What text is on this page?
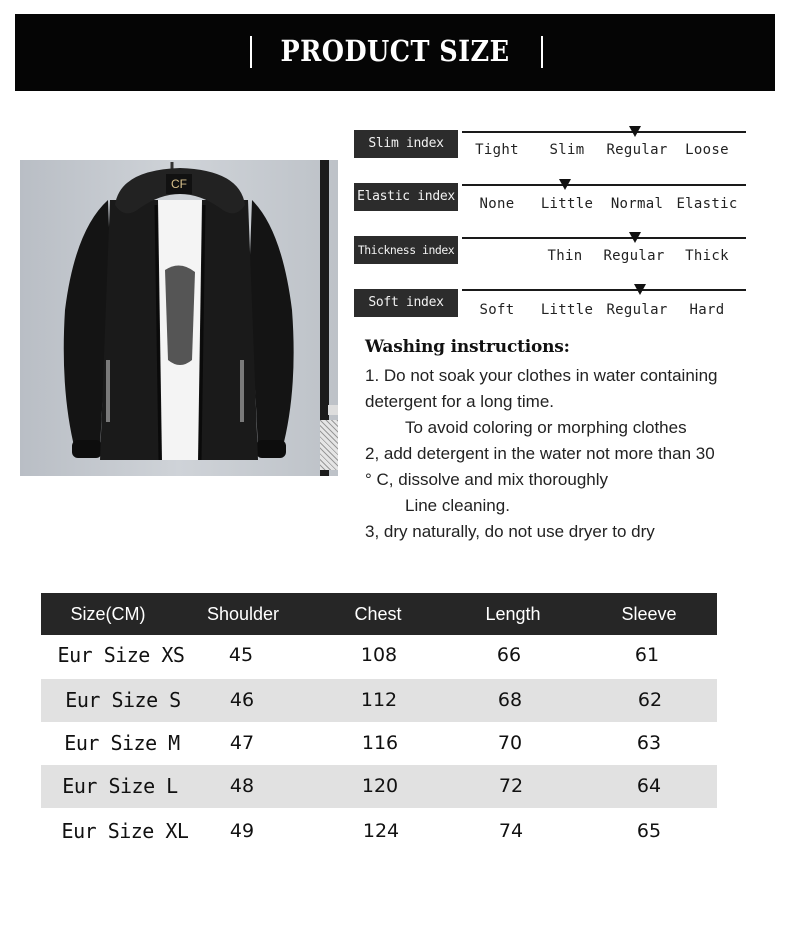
PRODUCT SIZE
CF
Slim index	Tight Slim Regular Loose
Elastic index None Little Normal Elastic
Thickness index	Thin Regular Thick
Soft index	Soft Little Regular Hard
Washing instructions:
1. Do not soak your clothes in water containing
detergent for a long time.
To avoid coloring or morphing clothes
2, add detergent in the water not more than 30
° C, dissolve and mix thoroughly
Line cleaning.
3, dry naturally, do not use dryer to dry
Size(CM)	Shoulder	Chest	Length	Sleeve
Eur Size XS 45	108	66	61
Eur Size S	46	112	68	62
Eur Size M	47	116	70	63
Eur Size L	48	120	72	64
Eur Size XL 49	124	74	65
